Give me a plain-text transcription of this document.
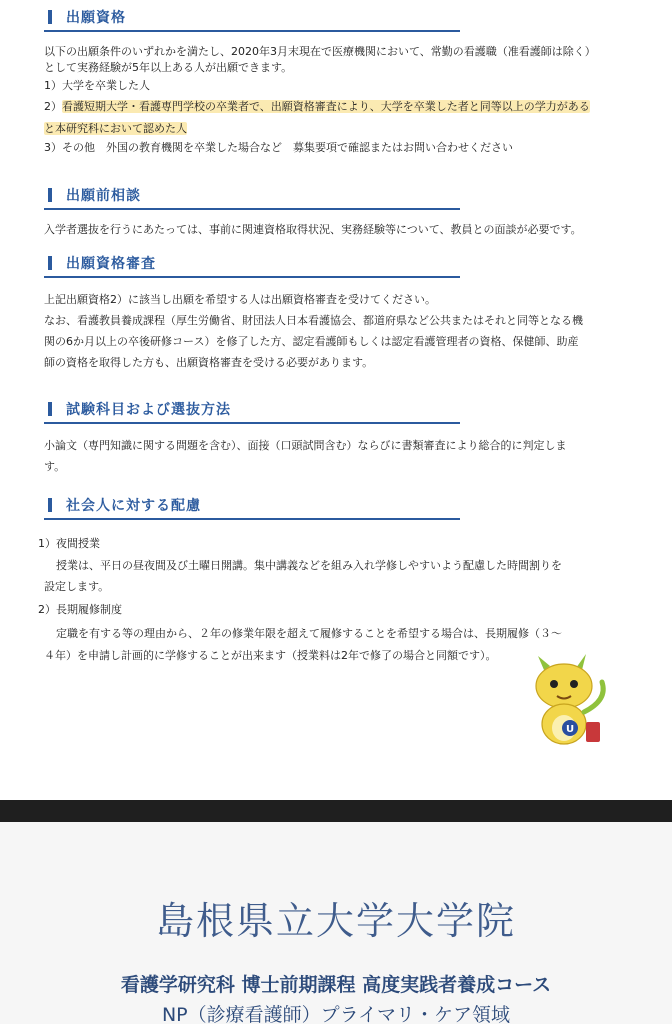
出願資格
以下の出願条件のいずれかを満たし、2020年3月末現在で医療機関において、常勤の看護職（准看護師は除く）
として実務経験が5年以上ある人が出願できます。
1）大学を卒業した人
2）看護短期大学・看護専門学校の卒業者で、出願資格審査により、大学を卒業した者と同等以上の学力がある
と本研究科において認めた人
3）その他　外国の教育機関を卒業した場合など　募集要項で確認またはお問い合わせください
出願前相談
入学者選抜を行うにあたっては、事前に関連資格取得状況、実務経験等について、教員との面談が必要です。
出願資格審査
上記出願資格2）に該当し出願を希望する人は出願資格審査を受けてください。
なお、看護教員養成課程（厚生労働省、財団法人日本看護協会、都道府県など公共またはそれと同等となる機
関の6か月以上の卒後研修コース）を修了した方、認定看護師もしくは認定看護管理者の資格、保健師、助産
師の資格を取得した方も、出願資格審査を受ける必要があります。
試験科目および選抜方法
小論文（専門知識に関する問題を含む）、面接（口頭試問含む）ならびに書類審査により総合的に判定しま
す。
社会人に対する配慮
1）夜間授業
授業は、平日の昼夜間及び土曜日開講。集中講義などを組み入れ学修しやすいよう配慮した時間割りを
設定します。
2）長期履修制度
定職を有する等の理由から、２年の修業年限を超えて履修することを希望する場合は、長期履修（３～
４年）を申請し計画的に学修することが出来ます（授業料は2年で修了の場合と同額です）。
U
島根県立大学大学院
看護学研究科 博士前期課程 高度実践者養成コース
NP（診療看護師）プライマリ・ケア領域
